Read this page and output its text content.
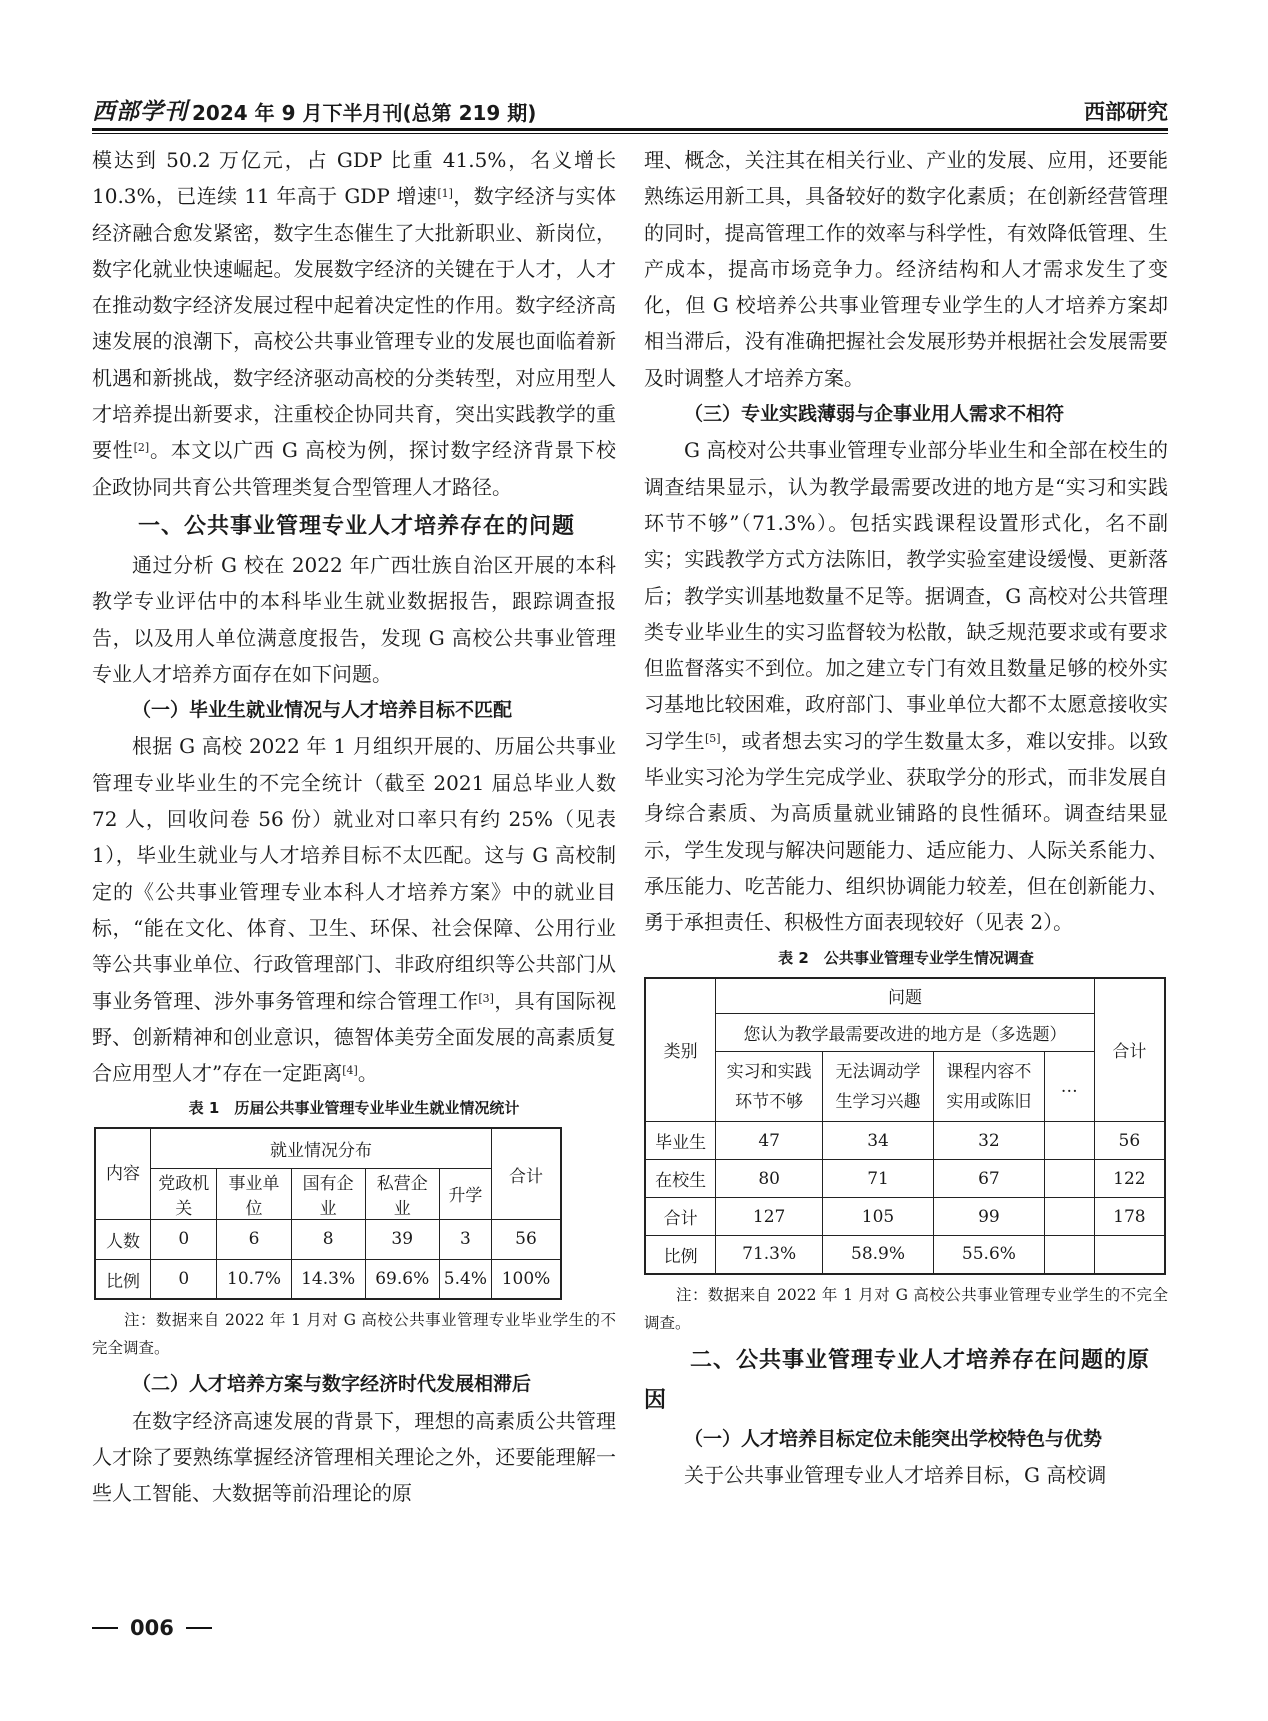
西部学刊 2024 年 9 月下半月刊(总第 219 期)	西部研究

模达到 50.2 万亿元，占 GDP 比重 41.5%，名义增长 10.3%，已连续 11 年高于 GDP 增速[1]，数字经济与实体经济融合愈发紧密，数字生态催生了大批新职业、新岗位，数字化就业快速崛起。发展数字经济的关键在于人才，人才在推动数字经济发展过程中起着决定性的作用。数字经济高速发展的浪潮下，高校公共事业管理专业的发展也面临着新机遇和新挑战，数字经济驱动高校的分类转型，对应用型人才培养提出新要求，注重校企协同共育，突出实践教学的重要性[2]。本文以广西 G 高校为例，探讨数字经济背景下校企政协同共育公共管理类复合型管理人才路径。

一、公共事业管理专业人才培养存在的问题

通过分析 G 校在 2022 年广西壮族自治区开展的本科教学专业评估中的本科毕业生就业数据报告，跟踪调查报告，以及用人单位满意度报告，发现 G 高校公共事业管理专业人才培养方面存在如下问题。

（一）毕业生就业情况与人才培养目标不匹配

根据 G 高校 2022 年 1 月组织开展的、历届公共事业管理专业毕业生的不完全统计（截至 2021 届总毕业人数 72 人，回收问卷 56 份）就业对口率只有约 25%（见表 1），毕业生就业与人才培养目标不太匹配。这与 G 高校制定的《公共事业管理专业本科人才培养方案》中的就业目标，“能在文化、体育、卫生、环保、社会保障、公用行业等公共事业单位、行政管理部门、非政府组织等公共部门从事业务管理、涉外事务管理和综合管理工作[3]，具有国际视野、创新精神和创业意识，德智体美劳全面发展的高素质复合应用型人才”存在一定距离[4]。

表 1　历届公共事业管理专业毕业生就业情况统计
内容	就业情况分布					合计
	党政机关	事业单位	国有企业	私营企业	升学	
人数	0	6	8	39	3	56
比例	0	10.7%	14.3%	69.6%	5.4%	100%

注：数据来自 2022 年 1 月对 G 高校公共事业管理专业毕业学生的不完全调查。

（二）人才培养方案与数字经济时代发展相滞后

在数字经济高速发展的背景下，理想的高素质公共管理人才除了要熟练掌握经济管理相关理论之外，还要能理解一些人工智能、大数据等前沿理论的原

理、概念，关注其在相关行业、产业的发展、应用，还要能熟练运用新工具，具备较好的数字化素质；在创新经营管理的同时，提高管理工作的效率与科学性，有效降低管理、生产成本，提高市场竞争力。经济结构和人才需求发生了变化，但 G 校培养公共事业管理专业学生的人才培养方案却相当滞后，没有准确把握社会发展形势并根据社会发展需要及时调整人才培养方案。

（三）专业实践薄弱与企事业用人需求不相符

G 高校对公共事业管理专业部分毕业生和全部在校生的调查结果显示，认为教学最需要改进的地方是“实习和实践环节不够”（71.3%）。包括实践课程设置形式化，名不副实；实践教学方式方法陈旧，教学实验室建设缓慢、更新落后；教学实训基地数量不足等。据调查，G 高校对公共管理类专业毕业生的实习监督较为松散，缺乏规范要求或有要求但监督落实不到位。加之建立专门有效且数量足够的校外实习基地比较困难，政府部门、事业单位大都不太愿意接收实习学生[5]，或者想去实习的学生数量太多，难以安排。以致毕业实习沦为学生完成学业、获取学分的形式，而非发展自身综合素质、为高质量就业铺路的良性循环。调查结果显示，学生发现与解决问题能力、适应能力、人际关系能力、承压能力、吃苦能力、组织协调能力较差，但在创新能力、勇于承担责任、积极性方面表现较好（见表 2）。

表 2　公共事业管理专业学生情况调查
类别	问题				合计
	您认为教学最需要改进的地方是（多选题）				
	实习和实践环节不够	无法调动学生学习兴趣	课程内容不实用或陈旧	…	
毕业生	47	34	32		56
在校生	80	71	67		122
合计	127	105	99		178
比例	71.3%	58.9%	55.6%		

注：数据来自 2022 年 1 月对 G 高校公共事业管理专业学生的不完全调查。

二、公共事业管理专业人才培养存在问题的原因
（一）人才培养目标定位未能突出学校特色与优势

关于公共事业管理专业人才培养目标，G 高校调

006
